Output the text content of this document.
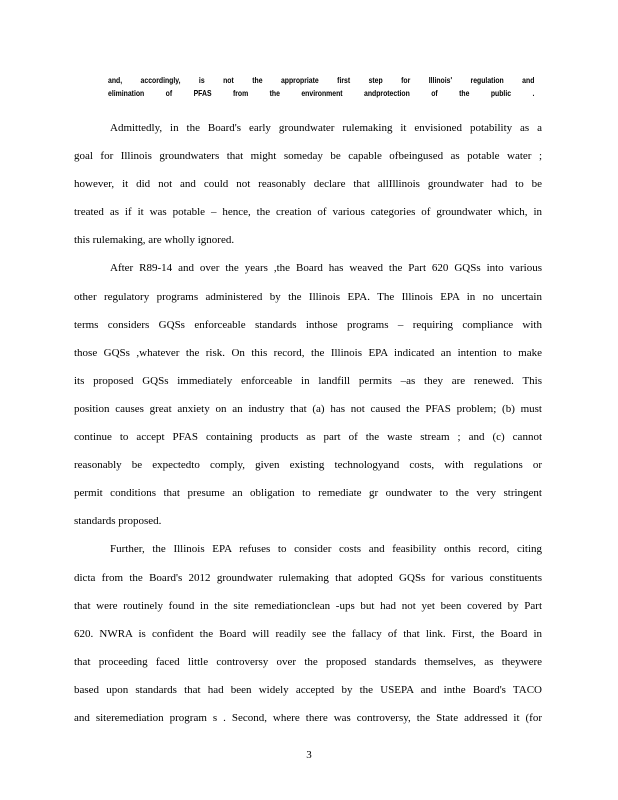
and, accordingly, is not the appropriate first step for Illinois' regulation and
elimination of PFAS from the environment andprotection of the public .

Admittedly, in the Board's early groundwater rulemaking it envisioned potability as a
goal for Illinois groundwaters that might someday be capable ofbeingused as potable water ;
however, it did not and could not reasonably declare that allIllinois groundwater had to be
treated as if it was potable – hence, the creation of various categories of groundwater which, in
this rulemaking, are wholly ignored.

After R89-14 and over the years ,the Board has weaved the Part 620 GQSs into various
other regulatory programs administered by the Illinois EPA. The Illinois EPA in no uncertain
terms considers GQSs enforceable standards inthose programs – requiring compliance with
those GQSs ,whatever the risk. On this record, the Illinois EPA indicated an intention to make
its proposed GQSs immediately enforceable in landfill permits –as they are renewed. This
position causes great anxiety on an industry that (a) has not caused the PFAS problem; (b) must
continue to accept PFAS containing products as part of the waste stream ; and (c) cannot
reasonably be expectedto comply, given existing technologyand costs, with regulations or
permit conditions that presume an obligation to remediate gr oundwater to the very stringent
standards proposed.

Further, the Illinois EPA refuses to consider costs and feasibility onthis record, citing
dicta from the Board's 2012 groundwater rulemaking that adopted GQSs for various constituents
that were routinely found in the site remediationclean -ups but had not yet been covered by Part
620. NWRA is confident the Board will readily see the fallacy of that link. First, the Board in
that proceeding faced little controversy over the proposed standards themselves, as theywere
based upon standards that had been widely accepted by the USEPA and inthe Board's TACO
and siteremediation program s . Second, where there was controversy, the State addressed it (for

3
